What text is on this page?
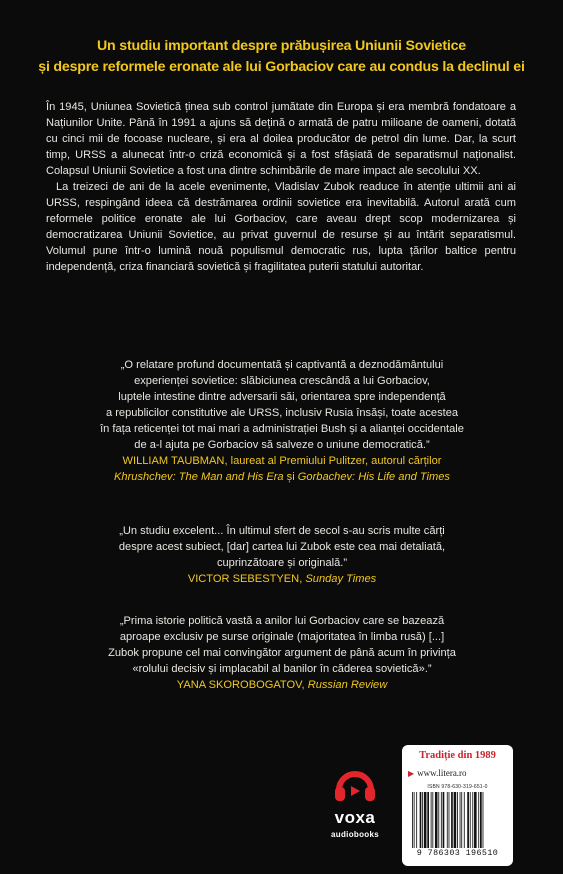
Un studiu important despre prăbușirea Uniunii Sovietice
și despre reformele eronate ale lui Gorbaciov care au condus la declinul ei

În 1945, Uniunea Sovietică ținea sub control jumătate din Europa și era membră fondatoare a Națiunilor Unite. Până în 1991 a ajuns să dețină o armată de patru milioane de oameni, dotată cu cinci mii de focoase nucleare, și era al doilea producător de petrol din lume. Dar, la scurt timp, URSS a alunecat într-o criză economică și a fost sfâșiată de separatismul naționalist. Colapsul Uniunii Sovietice a fost una dintre schimbările de mare impact ale secolului XX.

La treizeci de ani de la acele evenimente, Vladislav Zubok readuce în atenție ultimii ani ai URSS, respingând ideea că destrămarea ordinii sovietice era inevitabilă. Autorul arată cum reformele politice eronate ale lui Gorbaciov, care aveau drept scop modernizarea și democratizarea Uniunii Sovietice, au privat guvernul de resurse și au întărit separatismul. Volumul pune într-o lumină nouă populismul democratic rus, lupta țărilor baltice pentru independență, criza financiară sovietică și fragilitatea puterii statului autoritar.

„O relatare profund documentată și captivantă a deznodământului

experienței sovietice: slăbiciunea crescândă a lui Gorbaciov,

luptele intestine dintre adversarii săi, orientarea spre independență

a republicilor constitutive ale URSS, inclusiv Rusia însăși, toate acestea

în fața reticenței tot mai mari a administrației Bush și a alianței occidentale

de a-l ajuta pe Gorbaciov să salveze o uniune democratică.”

WILLIAM TAUBMAN, laureat al Premiului Pulitzer, autorul cărților

Khrushchev: The Man and His Era și Gorbachev: His Life and Times

„Un studiu excelent... În ultimul sfert de secol s-au scris multe cărți

despre acest subiect, [dar] cartea lui Zubok este cea mai detaliată,

cuprinzătoare și originală.”

VICTOR SEBESTYEN, Sunday Times

„Prima istorie politică vastă a anilor lui Gorbaciov care se bazează

aproape exclusiv pe surse originale (majoritatea în limba rusă) [...]

Zubok propune cel mai convingător argument de până acum în privința

«rolului decisiv și implacabil al banilor în căderea sovietică».”

YANA SKOROBOGATOV, Russian Review

voxa
audiobooks
Tradiție din 1989
▶ www.litera.ro
ISBN 978-630-319-651-0
9 786303 196510
